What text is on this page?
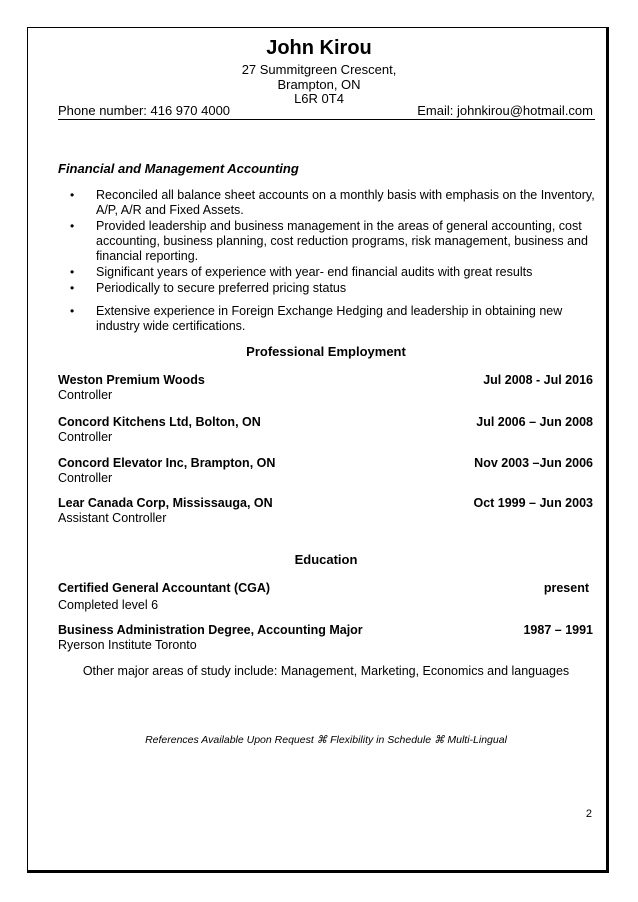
John Kirou
27 Summitgreen Crescent,
Brampton, ON
L6R 0T4
Phone number: 416 970 4000	Email: johnkirou@hotmail.com
Financial and Management Accounting
• Reconciled all balance sheet accounts on a monthly basis with emphasis on the Inventory, A/P, A/R and Fixed Assets.
• Provided leadership and business management in the areas of general accounting, cost accounting, business planning, cost reduction programs, risk management, business and financial reporting.
• Significant years of experience with year- end financial audits with great results
• Periodically to secure preferred pricing status
• Extensive experience in Foreign Exchange Hedging and leadership in obtaining new industry wide certifications.
Professional Employment
Weston Premium Woods	Jul 2008 - Jul 2016
Controller
Concord Kitchens Ltd, Bolton, ON	Jul 2006 – Jun 2008
Controller
Concord Elevator Inc, Brampton, ON	Nov 2003 –Jun 2006
Controller
Lear Canada Corp, Mississauga, ON	Oct 1999 – Jun 2003
Assistant Controller
Education
Certified General Accountant (CGA)	present
Completed level 6
Business Administration Degree, Accounting Major	1987 – 1991
Ryerson Institute Toronto
Other major areas of study include: Management, Marketing, Economics and languages
References Available Upon Request ⌘ Flexibility in Schedule ⌘ Multi-Lingual
2
